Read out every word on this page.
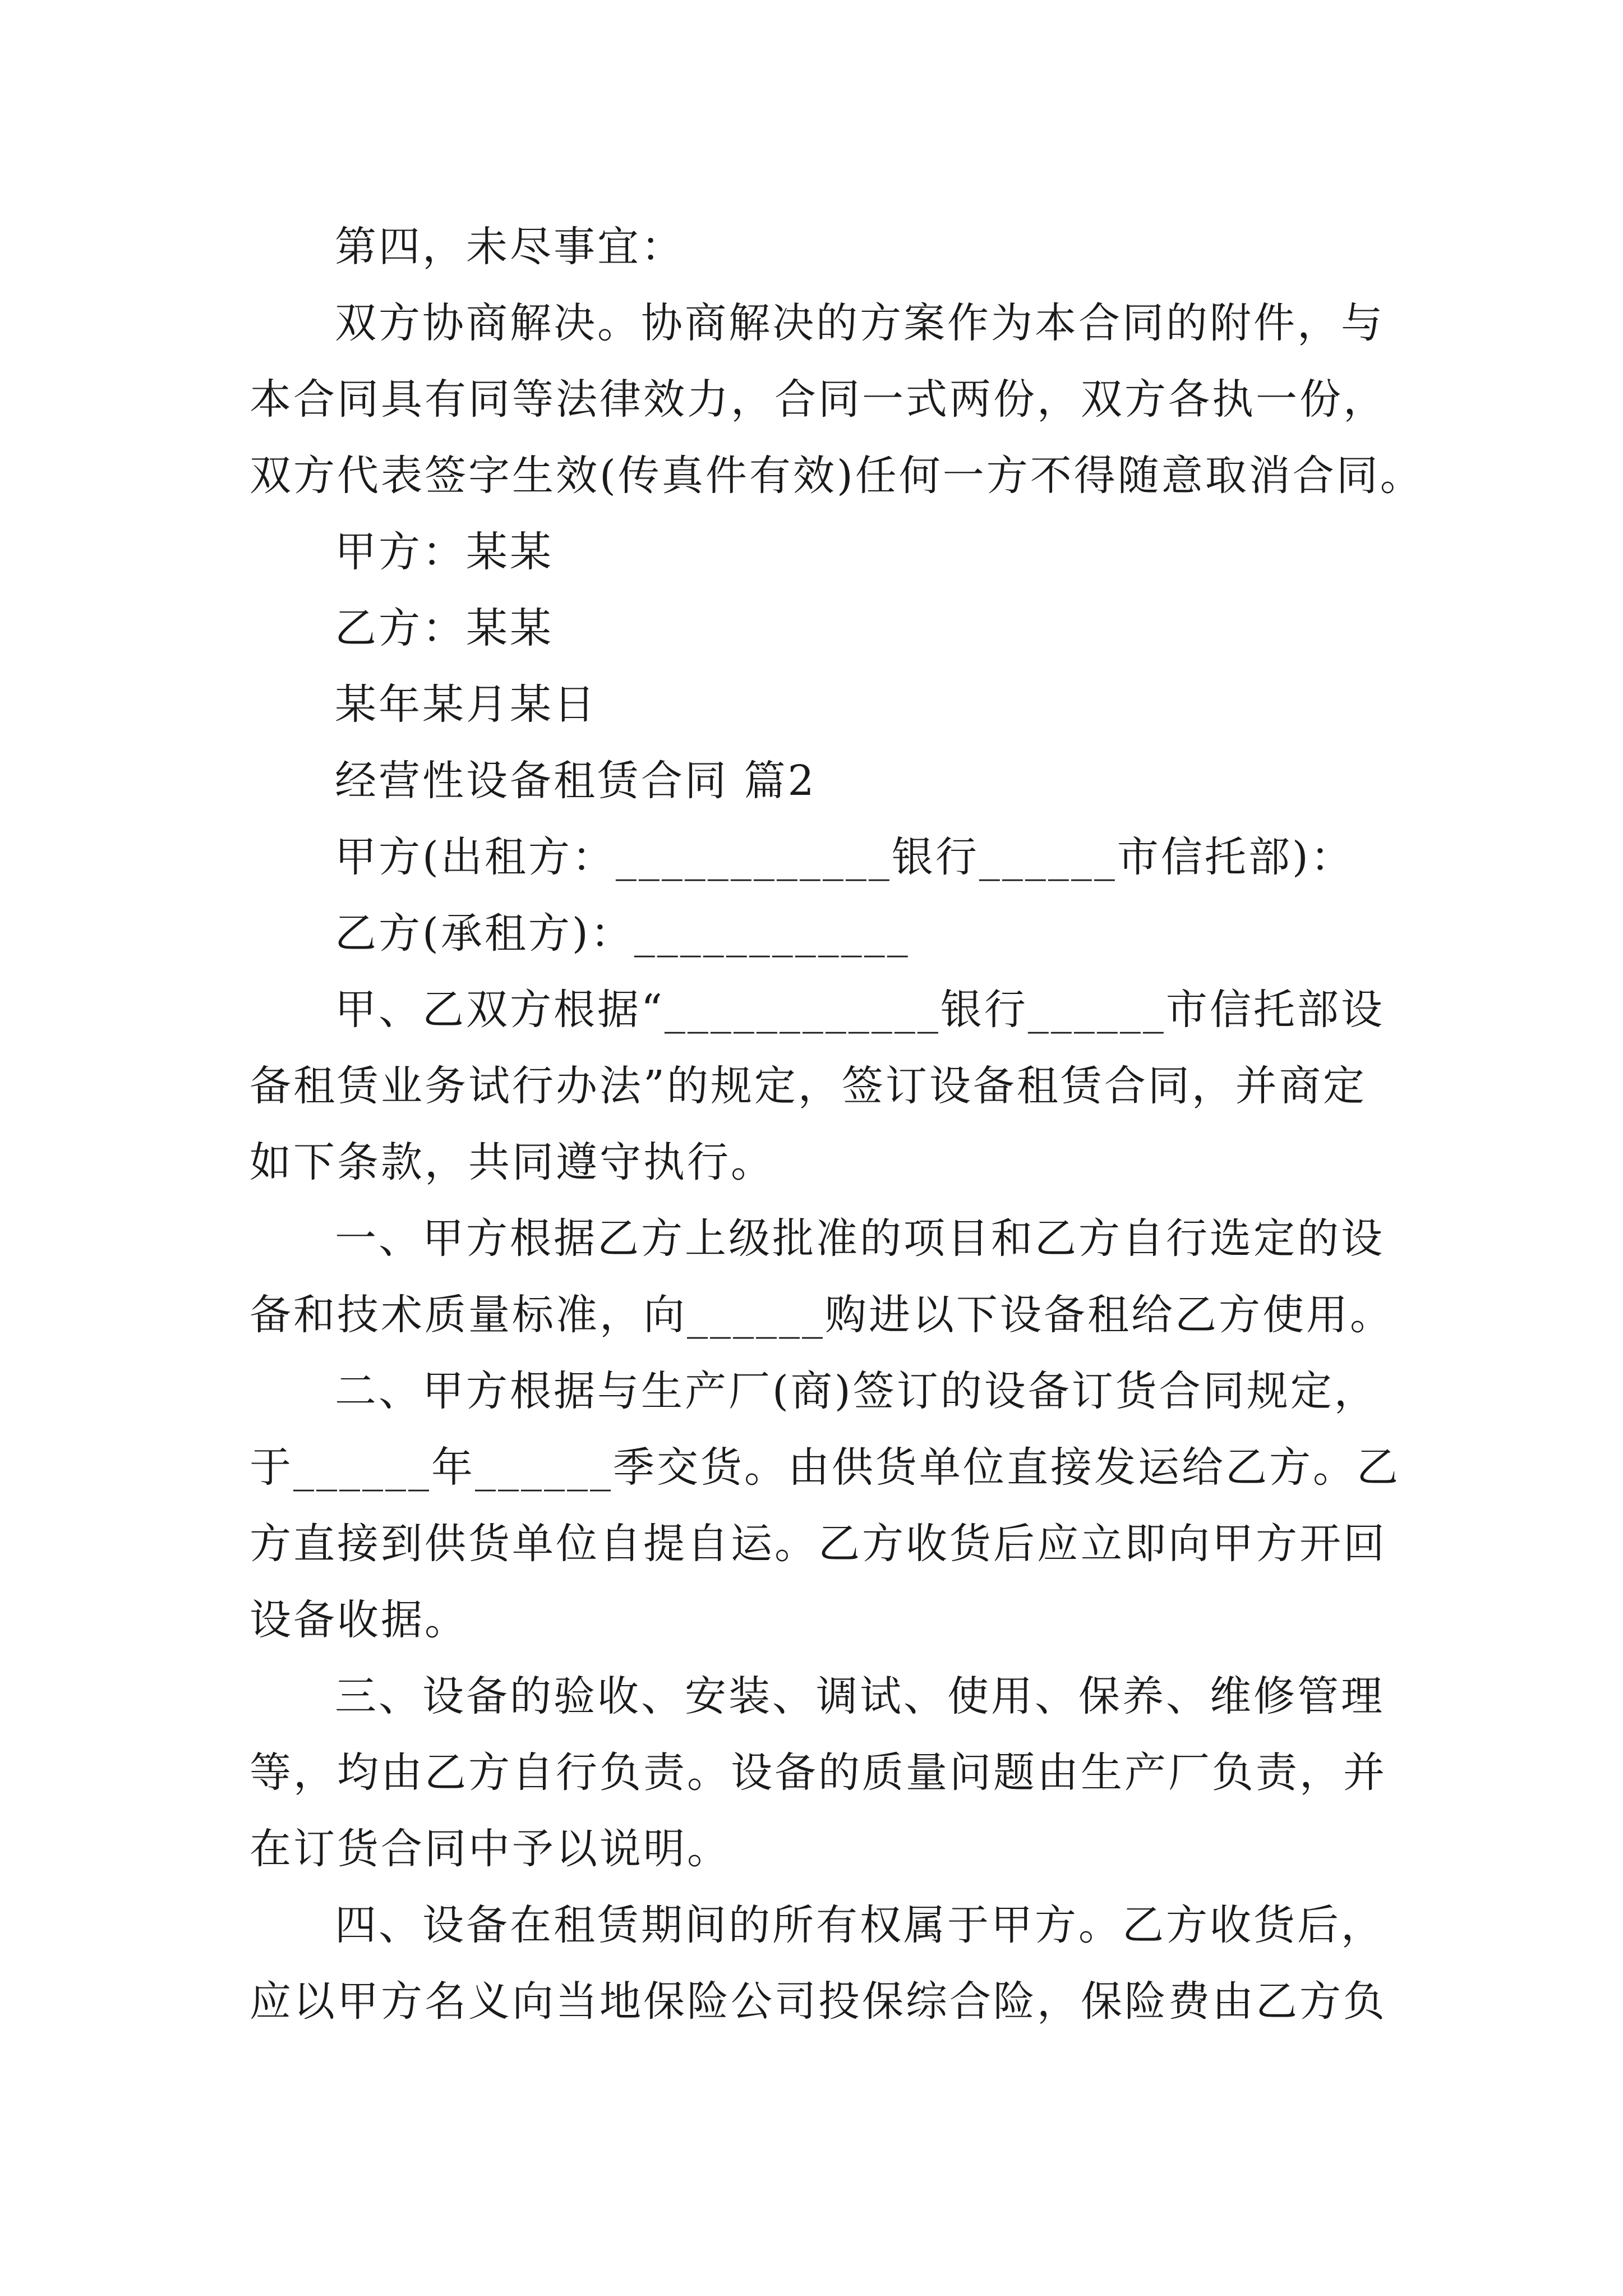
第四，未尽事宜：
双方协商解决。协商解决的方案作为本合同的附件，与
本合同具有同等法律效力，合同一式两份，双方各执一份，
双方代表签字生效(传真件有效)任何一方不得随意取消合同。
甲方：某某
乙方：某某
某年某月某日
经营性设备租赁合同 篇2
甲方(出租方：____________银行______市信托部)：
乙方(承租方)：____________
甲、乙双方根据“____________银行______市信托部设
备租赁业务试行办法”的规定，签订设备租赁合同，并商定
如下条款，共同遵守执行。
一、甲方根据乙方上级批准的项目和乙方自行选定的设
备和技术质量标准，向______购进以下设备租给乙方使用。
二、甲方根据与生产厂(商)签订的设备订货合同规定，
于______年______季交货。由供货单位直接发运给乙方。乙
方直接到供货单位自提自运。乙方收货后应立即向甲方开回
设备收据。
三、设备的验收、安装、调试、使用、保养、维修管理
等，均由乙方自行负责。设备的质量问题由生产厂负责，并
在订货合同中予以说明。
四、设备在租赁期间的所有权属于甲方。乙方收货后，
应以甲方名义向当地保险公司投保综合险，保险费由乙方负
